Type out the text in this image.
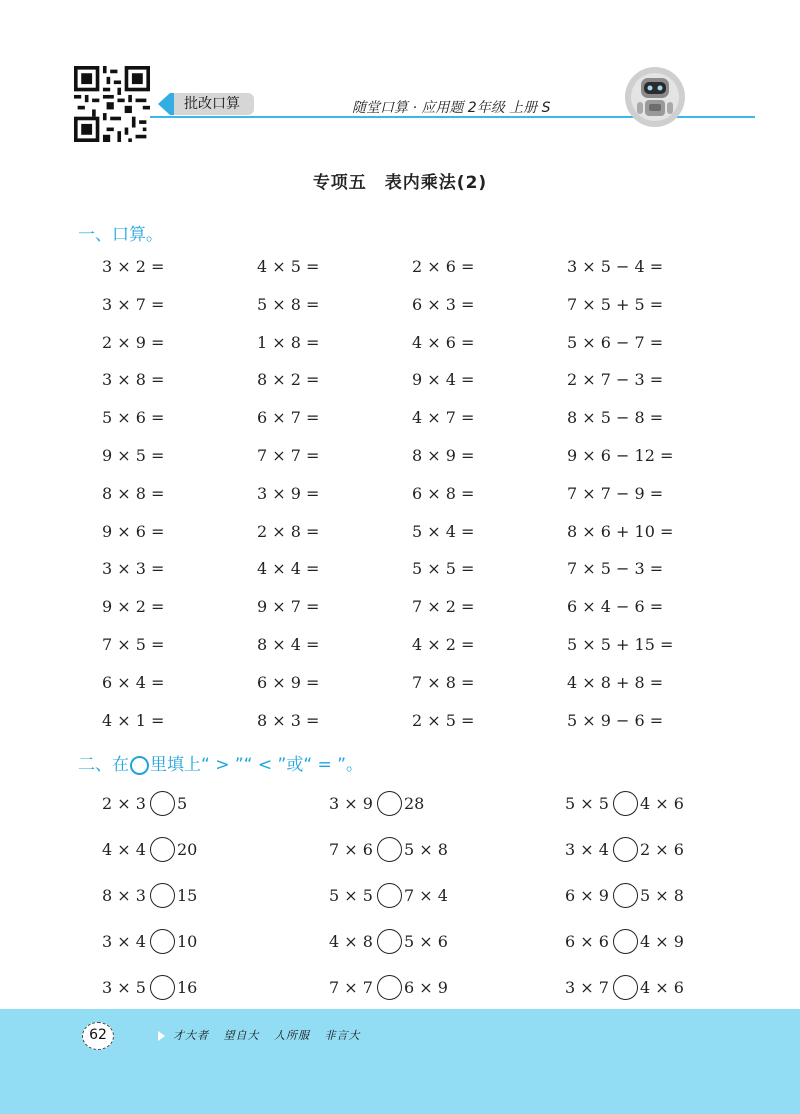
批改口算	随堂口算 · 应用题 2年级 上册 S
专项五　表内乘法(2)
一、口算。
3 × 2 =	4 × 5 =	2 × 6 =	3 × 5 − 4 =
3 × 7 =	5 × 8 =	6 × 3 =	7 × 5 + 5 =
2 × 9 =	1 × 8 =	4 × 6 =	5 × 6 − 7 =
3 × 8 =	8 × 2 =	9 × 4 =	2 × 7 − 3 =
5 × 6 =	6 × 7 =	4 × 7 =	8 × 5 − 8 =
9 × 5 =	7 × 7 =	8 × 9 =	9 × 6 − 12 =
8 × 8 =	3 × 9 =	6 × 8 =	7 × 7 − 9 =
9 × 6 =	2 × 8 =	5 × 4 =	8 × 6 + 10 =
3 × 3 =	4 × 4 =	5 × 5 =	7 × 5 − 3 =
9 × 2 =	9 × 7 =	7 × 2 =	6 × 4 − 6 =
7 × 5 =	8 × 4 =	4 × 2 =	5 × 5 + 15 =
6 × 4 =	6 × 9 =	7 × 8 =	4 × 8 + 8 =
4 × 1 =	8 × 3 =	2 × 5 =	5 × 9 − 6 =
二、在 里填上“ > ”“ < ”或“ = ”。
2 × 3 5	3 × 9 28	5 × 5 4 × 6
4 × 4 20	7 × 6 5 × 8	3 × 4 2 × 6
8 × 3 15	5 × 5 7 × 4	6 × 9 5 × 8
3 × 4 10	4 × 8 5 × 6	6 × 6 4 × 9
3 × 5 16	7 × 7 6 × 9	3 × 7 4 × 6
62	才大者 望自大 人所服 非言大
